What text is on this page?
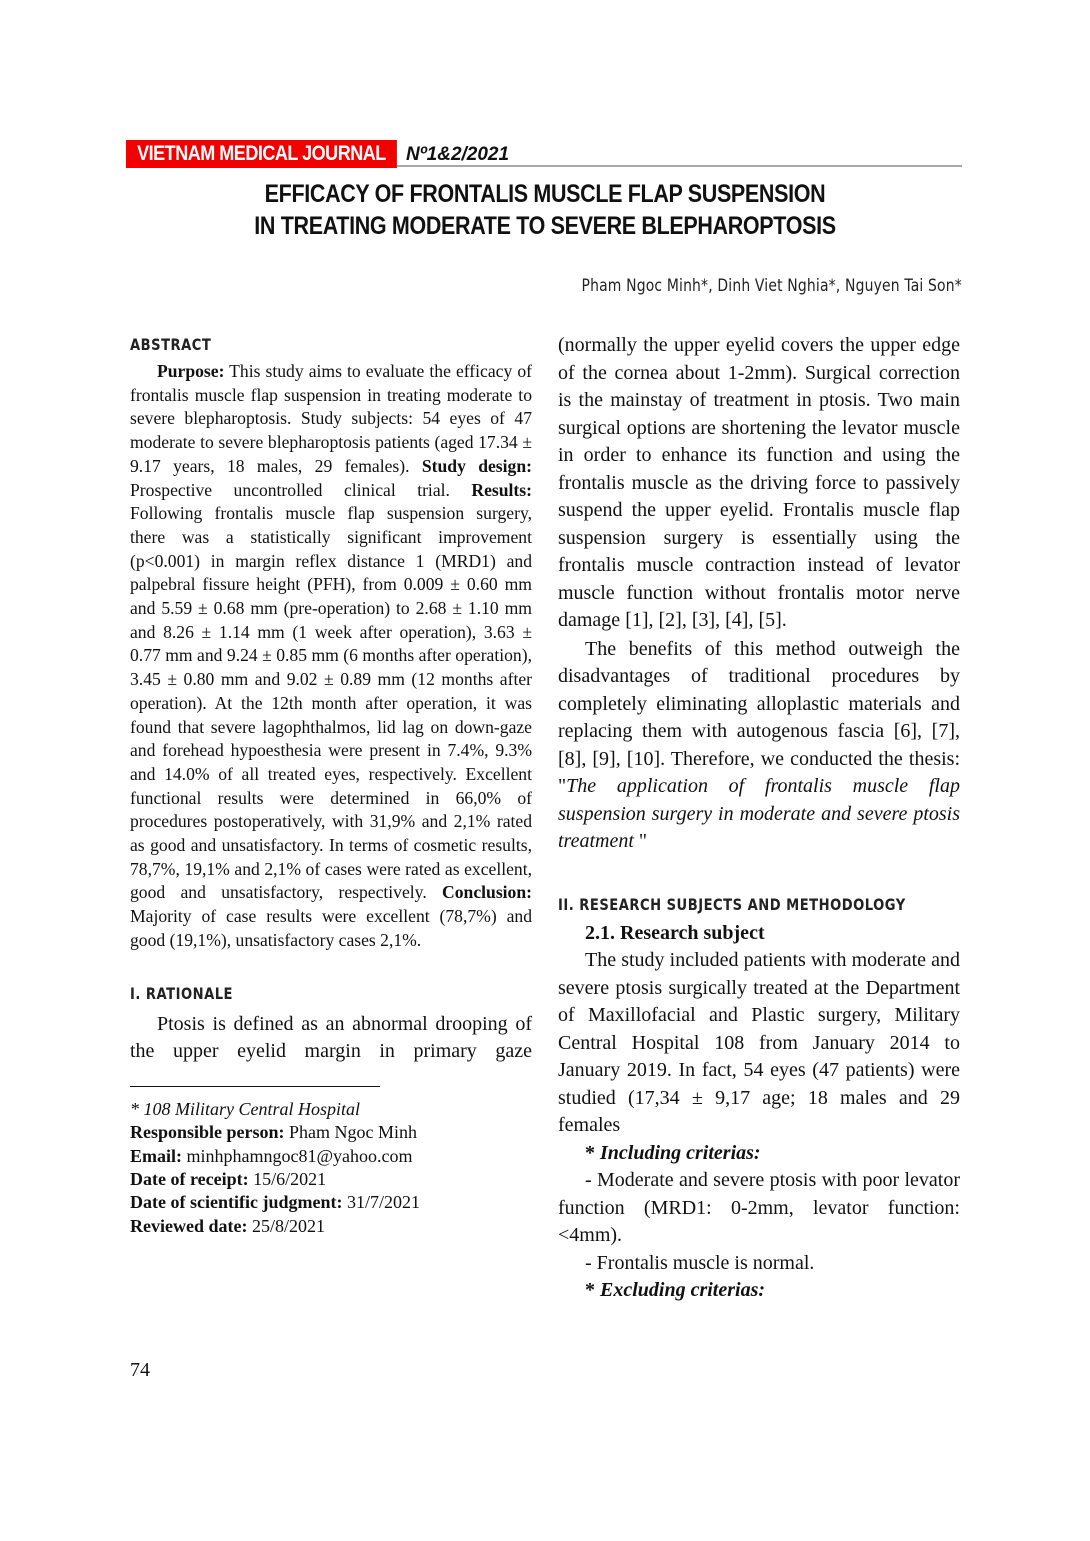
VIETNAM MEDICAL JOURNAL	Nº1&2/2021
EFFICACY OF FRONTALIS MUSCLE FLAP SUSPENSION
IN TREATING MODERATE TO SEVERE BLEPHAROPTOSIS
Pham Ngoc Minh*, Dinh Viet Nghia*, Nguyen Tai Son*
ABSTRACT

Purpose: This study aims to evaluate the efficacy of frontalis muscle flap suspension in treating moderate to severe blepharoptosis. Study subjects: 54 eyes of 47 moderate to severe blepharoptosis patients (aged 17.34 ± 9.17 years, 18 males, 29 females). Study design: Prospective uncontrolled clinical trial. Results: Following frontalis muscle flap suspension surgery, there was a statistically significant improvement (p<0.001) in margin reflex distance 1 (MRD1) and palpebral fissure height (PFH), from 0.009 ± 0.60 mm and 5.59 ± 0.68 mm (pre-operation) to 2.68 ± 1.10 mm and 8.26 ± 1.14 mm (1 week after operation), 3.63 ± 0.77 mm and 9.24 ± 0.85 mm (6 months after operation), 3.45 ± 0.80 mm and 9.02 ± 0.89 mm (12 months after operation). At the 12th month after operation, it was found that severe lagophthalmos, lid lag on down-gaze and forehead hypoesthesia were present in 7.4%, 9.3% and 14.0% of all treated eyes, respectively. Excellent functional results were determined in 66,0% of procedures postoperatively, with 31,9% and 2,1% rated as good and unsatisfactory. In terms of cosmetic results, 78,7%, 19,1% and 2,1% of cases were rated as excellent, good and unsatisfactory, respectively. Conclusion: Majority of case results were excellent (78,7%) and good (19,1%), unsatisfactory cases 2,1%.

I. RATIONALE

Ptosis is defined as an abnormal drooping of the upper eyelid margin in primary gaze

* 108 Military Central Hospital

Responsible person: Pham Ngoc Minh

Email: minhphamngoc81@yahoo.com

Date of receipt: 15/6/2021

Date of scientific judgment: 31/7/2021

Reviewed date: 25/8/2021

(normally the upper eyelid covers the upper edge of the cornea about 1-2mm). Surgical correction is the mainstay of treatment in ptosis. Two main surgical options are shortening the levator muscle in order to enhance its function and using the frontalis muscle as the driving force to passively suspend the upper eyelid. Frontalis muscle flap suspension surgery is essentially using the frontalis muscle contraction instead of levator muscle function without frontalis motor nerve damage [1], [2], [3], [4], [5].

The benefits of this method outweigh the disadvantages of traditional procedures by completely eliminating alloplastic materials and replacing them with autogenous fascia [6], [7], [8], [9], [10]. Therefore, we conducted the thesis: "The application of frontalis muscle flap suspension surgery in moderate and severe ptosis treatment "

II. RESEARCH SUBJECTS AND METHODOLOGY

2.1. Research subject

The study included patients with moderate and severe ptosis surgically treated at the Department of Maxillofacial and Plastic surgery, Military Central Hospital 108 from January 2014 to January 2019. In fact, 54 eyes (47 patients) were studied (17,34 ± 9,17 age; 18 males and 29 females

* Including criterias:

- Moderate and severe ptosis with poor levator function (MRD1: 0-2mm, levator function: <4mm).

- Frontalis muscle is normal.

* Excluding criterias:

74
